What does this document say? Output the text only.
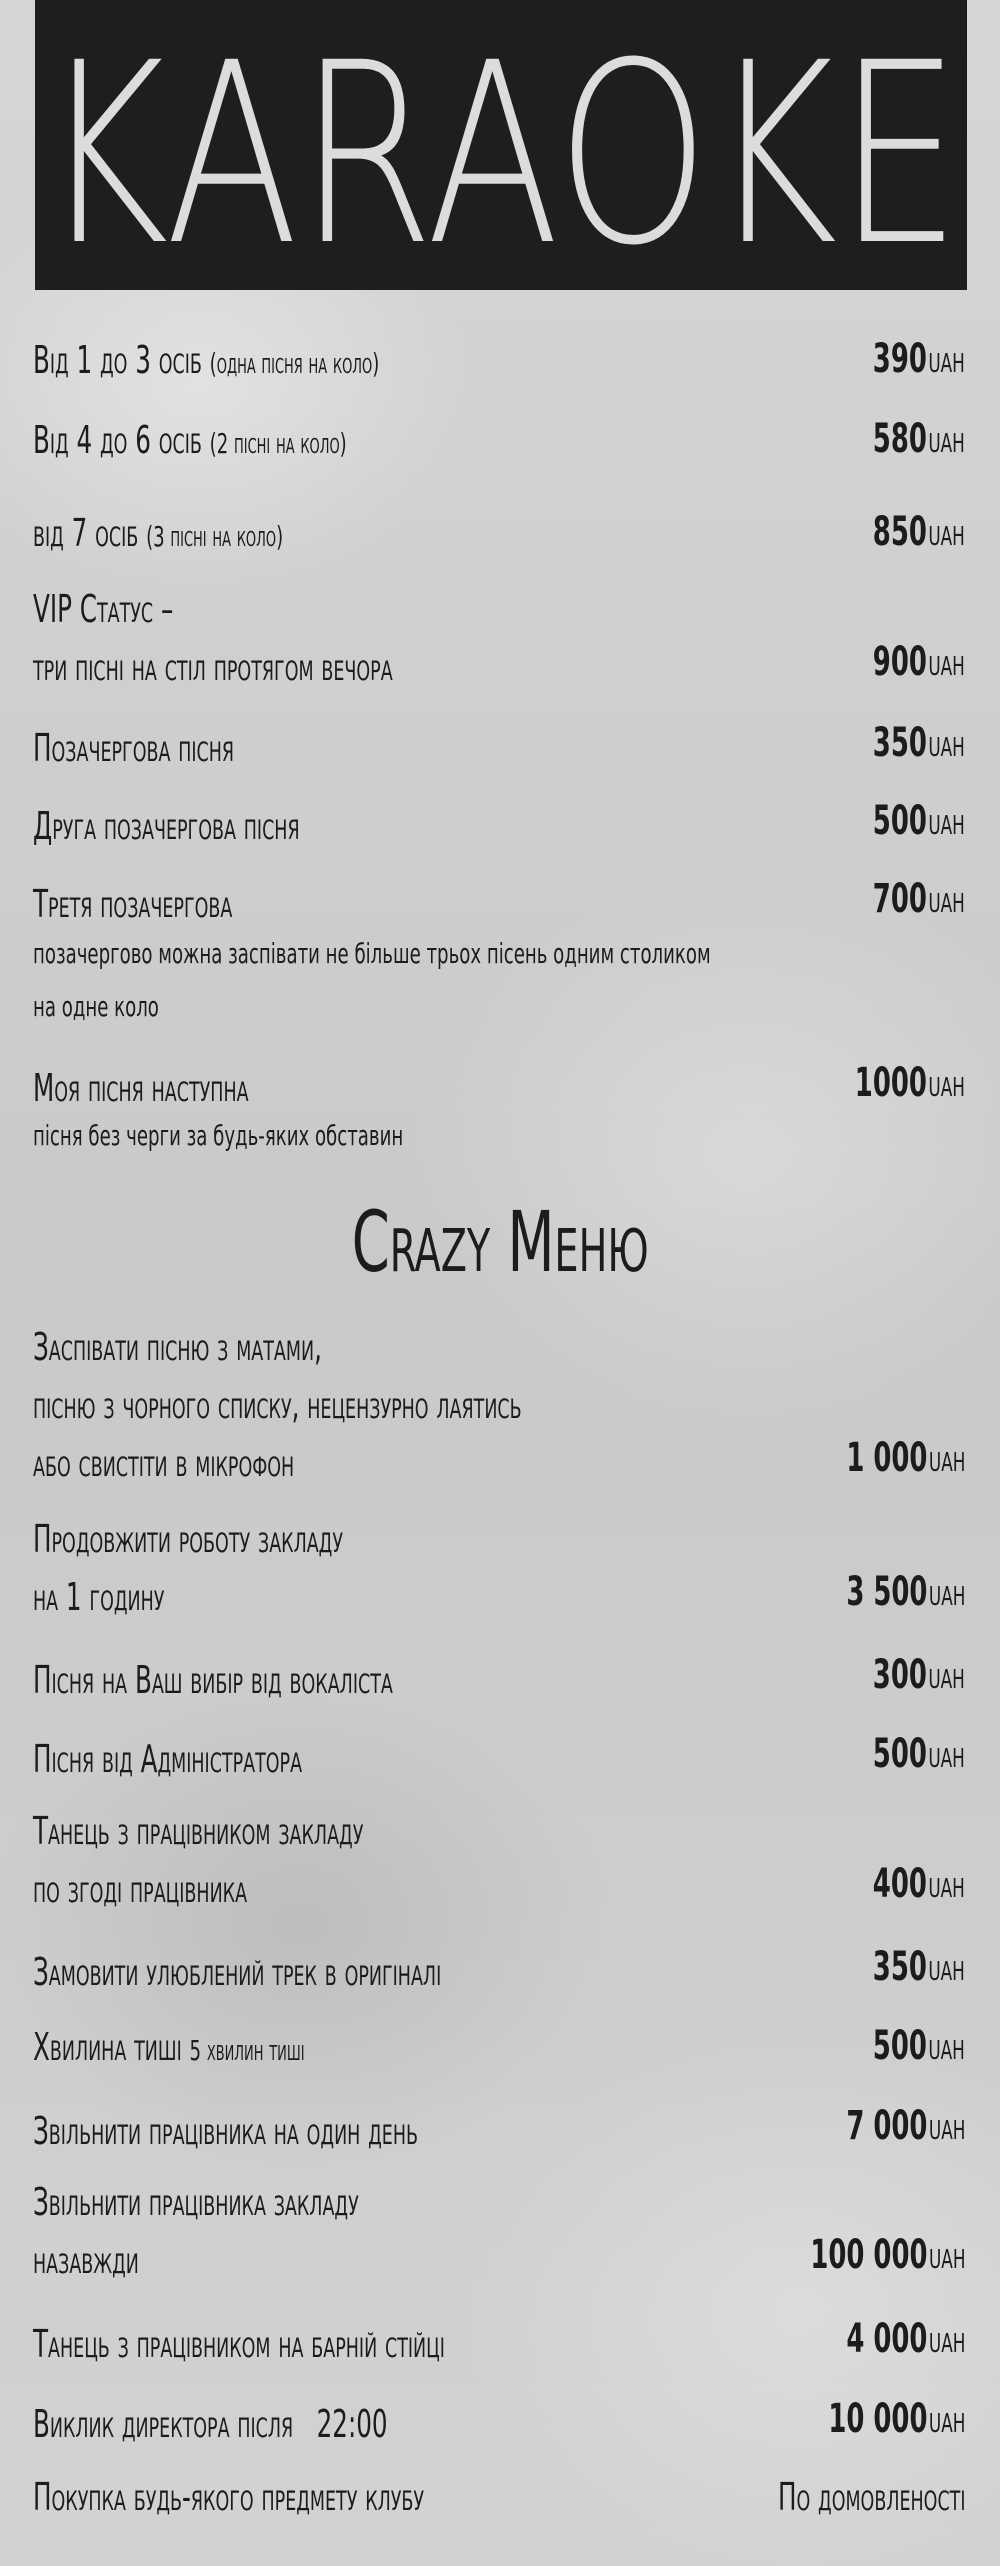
KARAOKE
Від 1 до 3 осіб (одна пісня на коло)	390UAH
Від 4 до 6 осіб (2 пісні на коло)	580UAH
від 7 осіб (3 пісні на коло)	850UAH
VIP Статус –
три пісні на стіл протягом вечора	900UAH
Позачергова пісня	350UAH
Друга позачергова пісня	500UAH
Третя позачергова	700UAH
позачергово можна заспівати не більше трьох пісень одним столиком
на одне коло
Моя пісня наступна	1000UAH
пісня без черги за будь-яких обставин
Crazy Меню
Заспівати пісню з матами,
пісню з чорного списку, нецензурно лаятись
або свистіти в мікрофон	1 000UAH
Продовжити роботу закладу
на 1 годину	3 500UAH
Пісня на Ваш вибір від вокаліста	300UAH
Пісня від Адміністратора	500UAH
Танець з працівником закладу
по згоді працівника	400UAH
Замовити улюблений трек в оригіналі	350UAH
Хвилина тиші 5 хвилин тиші	500UAH
Звільнити працівника на один день	7 000UAH
Звільнити працівника закладу
назавжди	100 000UAH
Танець з працівником на барній стійці	4 000UAH
Виклик директора після   22:00	10 000UAH
Покупка будь-якого предмету клубу	По домовленості
